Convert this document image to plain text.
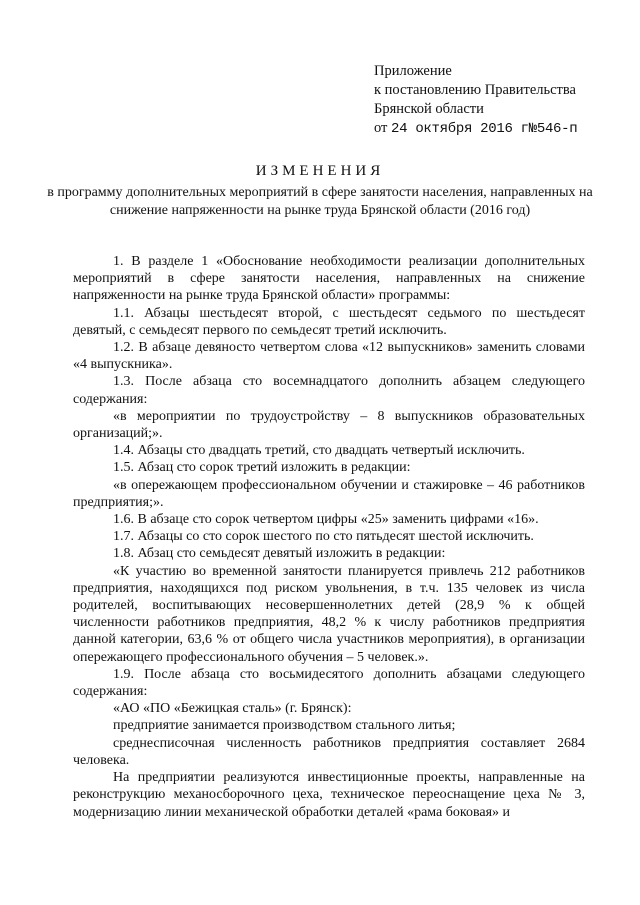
Приложение
к постановлению Правительства
Брянской области
от 24 октября 2016 г№546-п
ИЗМЕНЕНИЯ
в программу дополнительных мероприятий в сфере занятости населения, направленных на снижение напряженности на рынке труда Брянской области (2016 год)

1. В разделе 1 «Обоснование необходимости реализации дополнительных мероприятий в сфере занятости населения, направленных на снижение напряженности на рынке труда Брянской области» программы:

1.1. Абзацы шестьдесят второй, с шестьдесят седьмого по шестьдесят девятый, с семьдесят первого по семьдесят третий исключить.

1.2. В абзаце девяносто четвертом слова «12 выпускников» заменить словами «4 выпускника».

1.3. После абзаца сто восемнадцатого дополнить абзацем следующего содержания:

«в мероприятии по трудоустройству – 8 выпускников образовательных организаций;».

1.4. Абзацы сто двадцать третий, сто двадцать четвертый исключить.

1.5. Абзац сто сорок третий изложить в редакции:

«в опережающем профессиональном обучении и стажировке – 46 работников предприятия;».

1.6. В абзаце сто сорок четвертом цифры «25» заменить цифрами «16».

1.7. Абзацы со сто сорок шестого по сто пятьдесят шестой исключить.

1.8. Абзац сто семьдесят девятый изложить в редакции:

«К участию во временной занятости планируется привлечь 212 работников предприятия, находящихся под риском увольнения, в т.ч. 135 человек из числа родителей, воспитывающих несовершеннолетних детей (28,9 % к общей численности работников предприятия, 48,2 % к числу работников предприятия данной категории, 63,6 % от общего числа участников мероприятия), в организации опережающего профессионального обучения – 5 человек.».

1.9. После абзаца сто восьмидесятого дополнить абзацами следующего содержания:

«АО «ПО «Бежицкая сталь» (г. Брянск):

предприятие занимается производством стального литья;

среднесписочная численность работников предприятия составляет 2684 человека.

На предприятии реализуются инвестиционные проекты, направленные на реконструкцию механосборочного цеха, техническое переоснащение цеха № 3, модернизацию линии механической обработки деталей «рама боковая» и
